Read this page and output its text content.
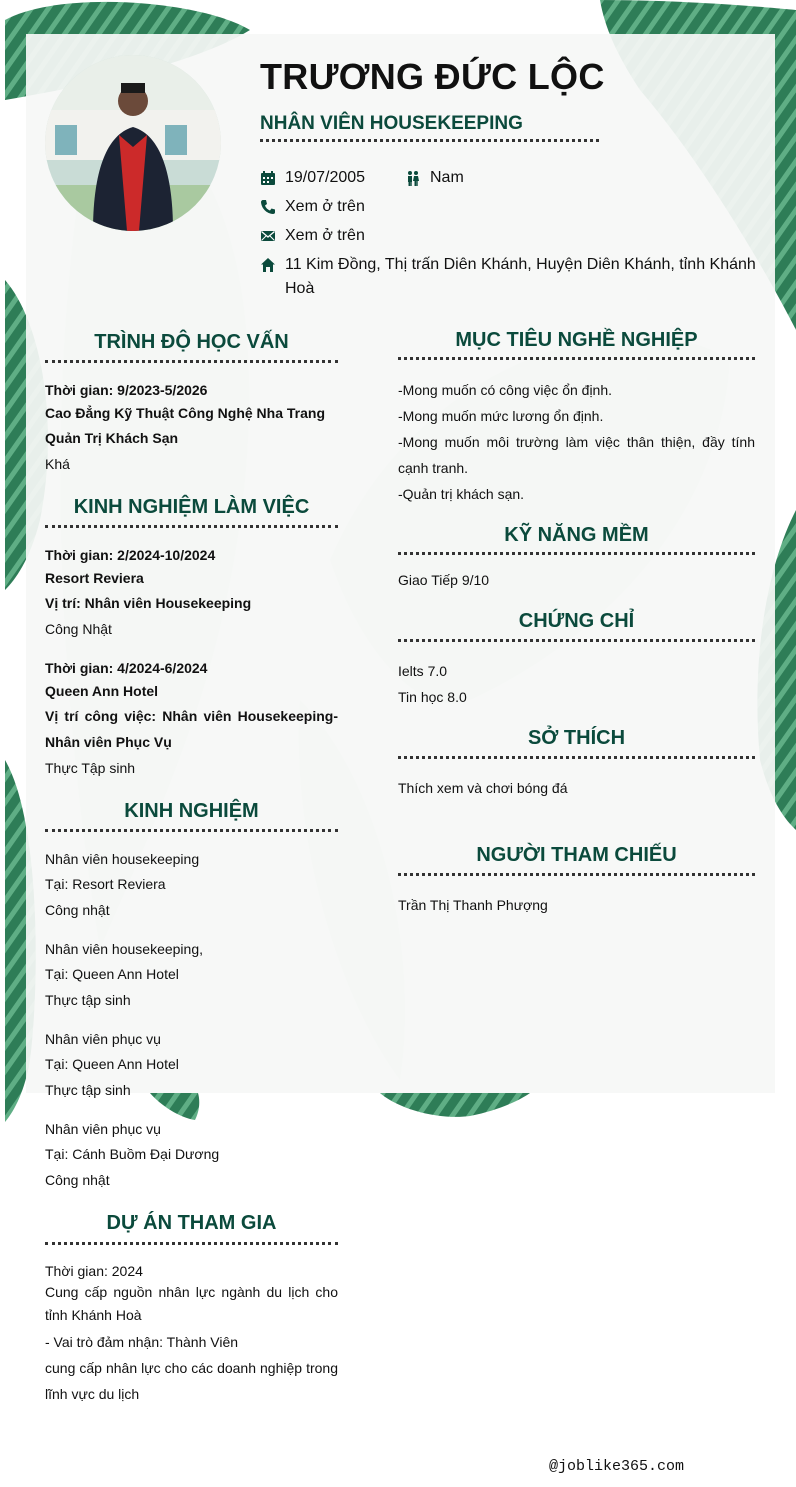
TRƯƠNG ĐỨC LỘC
NHÂN VIÊN HOUSEKEEPING
19/07/2005	Nam
Xem ở trên
Xem ở trên
11 Kim Đồng, Thị trấn Diên Khánh, Huyện Diên Khánh, tỉnh Khánh Hoà
TRÌNH ĐỘ HỌC VẤN
Thời gian: 9/2023-5/2026
Cao Đẳng Kỹ Thuật Công Nghệ Nha Trang
Quản Trị Khách Sạn
Khá
KINH NGHIỆM LÀM VIỆC
Thời gian: 2/2024-10/2024
Resort Reviera
Vị trí: Nhân viên Housekeeping
Công Nhật
Thời gian: 4/2024-6/2024
Queen Ann Hotel
Vị trí công việc: Nhân viên Housekeeping-Nhân viên Phục Vụ
Thực Tập sinh
KINH NGHIỆM
Nhân viên housekeeping
Tại: Resort Reviera
Công nhật
Nhân viên housekeeping,
Tại: Queen Ann Hotel
Thực tập sinh
Nhân viên phục vụ
Tại: Queen Ann Hotel
Thực tập sinh
Nhân viên phục vụ
Tại: Cánh Buồm Đại Dương
Công nhật
DỰ ÁN THAM GIA
Thời gian: 2024
Cung cấp nguồn nhân lực ngành du lịch cho tỉnh Khánh Hoà
- Vai trò đảm nhận: Thành Viên
cung cấp nhân lực cho các doanh nghiệp trong lĩnh vực du lịch
MỤC TIÊU NGHỀ NGHIỆP
-Mong muốn có công việc ổn định.
-Mong muốn mức lương ổn định.
-Mong muốn môi trường làm việc thân thiện, đầy tính cạnh tranh.
-Quản trị khách sạn.
KỸ NĂNG MỀM
Giao Tiếp 9/10
CHỨNG CHỈ
Ielts 7.0
Tin học 8.0
SỞ THÍCH
Thích xem và chơi bóng đá
NGƯỜI THAM CHIẾU
Trần Thị Thanh Phượng
@joblike365.com
